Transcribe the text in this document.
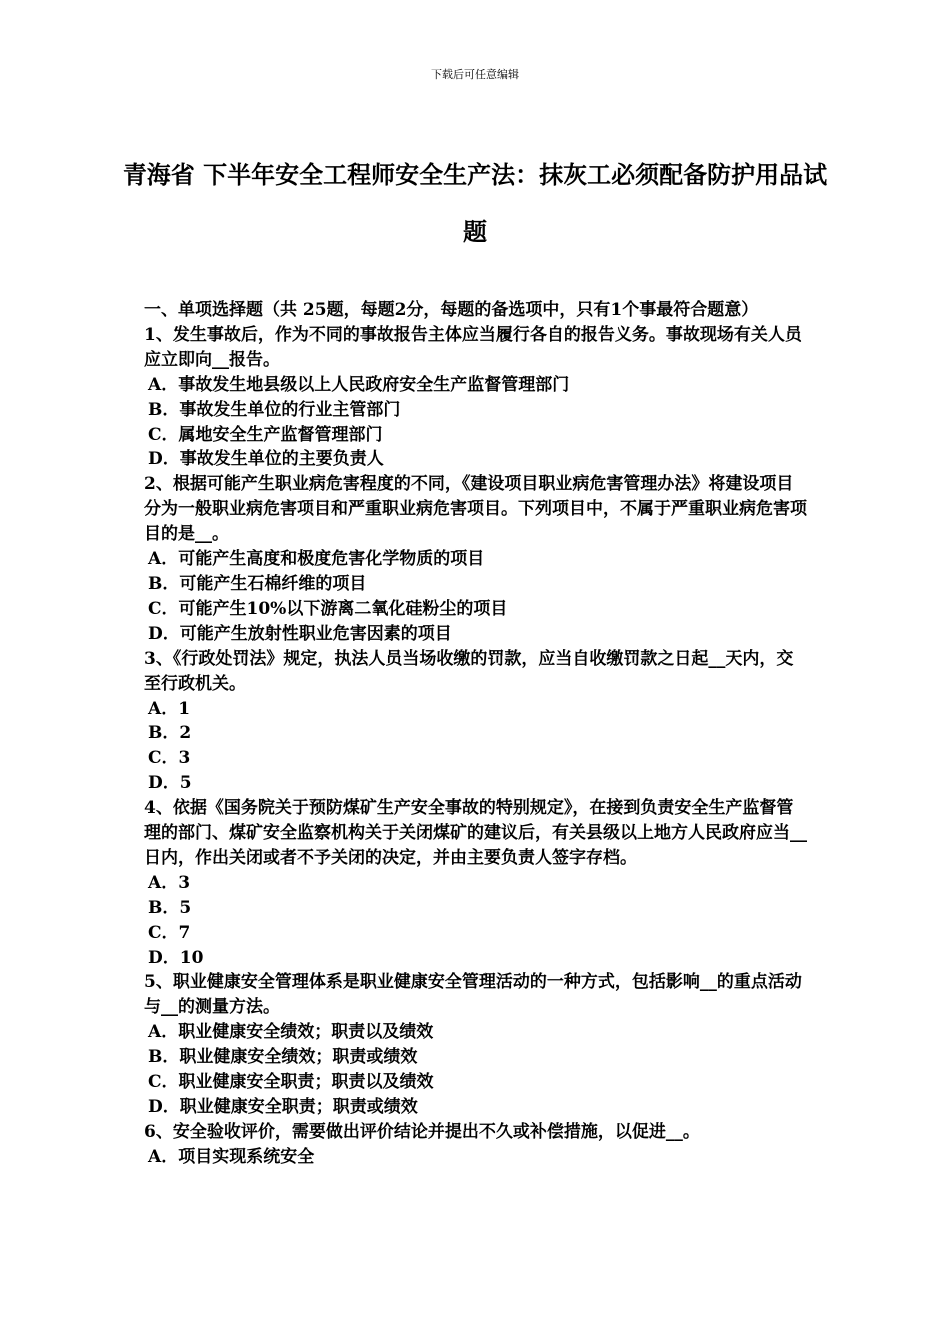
下载后可任意编辑
青海省 下半年安全工程师安全生产法：抹灰工必须配备防护用品试题

一、单项选择题（共 25题，每题2分，每题的备选项中，只有1个事最符合题意）

1、发生事故后，作为不同的事故报告主体应当履行各自的报告义务。事故现场有关人员应立即向__报告。

A．事故发生地县级以上人民政府安全生产监督管理部门

B．事故发生单位的行业主管部门

C．属地安全生产监督管理部门

D．事故发生单位的主要负责人

2、根据可能产生职业病危害程度的不同，《建设项目职业病危害管理办法》将建设项目分为一般职业病危害项目和严重职业病危害项目。下列项目中，不属于严重职业病危害项目的是__。

A．可能产生高度和极度危害化学物质的项目

B．可能产生石棉纤维的项目

C．可能产生10%以下游离二氧化硅粉尘的项目

D．可能产生放射性职业危害因素的项目

3、《行政处罚法》规定，执法人员当场收缴的罚款，应当自收缴罚款之日起__天内，交至行政机关。

A．1

B．2

C．3

D．5

4、依据《国务院关于预防煤矿生产安全事故的特别规定》，在接到负责安全生产监督管理的部门、煤矿安全监察机构关于关闭煤矿的建议后，有关县级以上地方人民政府应当__日内，作出关闭或者不予关闭的决定，并由主要负责人签字存档。

A．3

B．5

C．7

D．10

5、职业健康安全管理体系是职业健康安全管理活动的一种方式，包括影响__的重点活动与__的测量方法。

A．职业健康安全绩效；职责以及绩效

B．职业健康安全绩效；职责或绩效

C．职业健康安全职责；职责以及绩效

D．职业健康安全职责；职责或绩效

6、安全验收评价，需要做出评价结论并提出不久或补偿措施，以促进__。

A．项目实现系统安全
